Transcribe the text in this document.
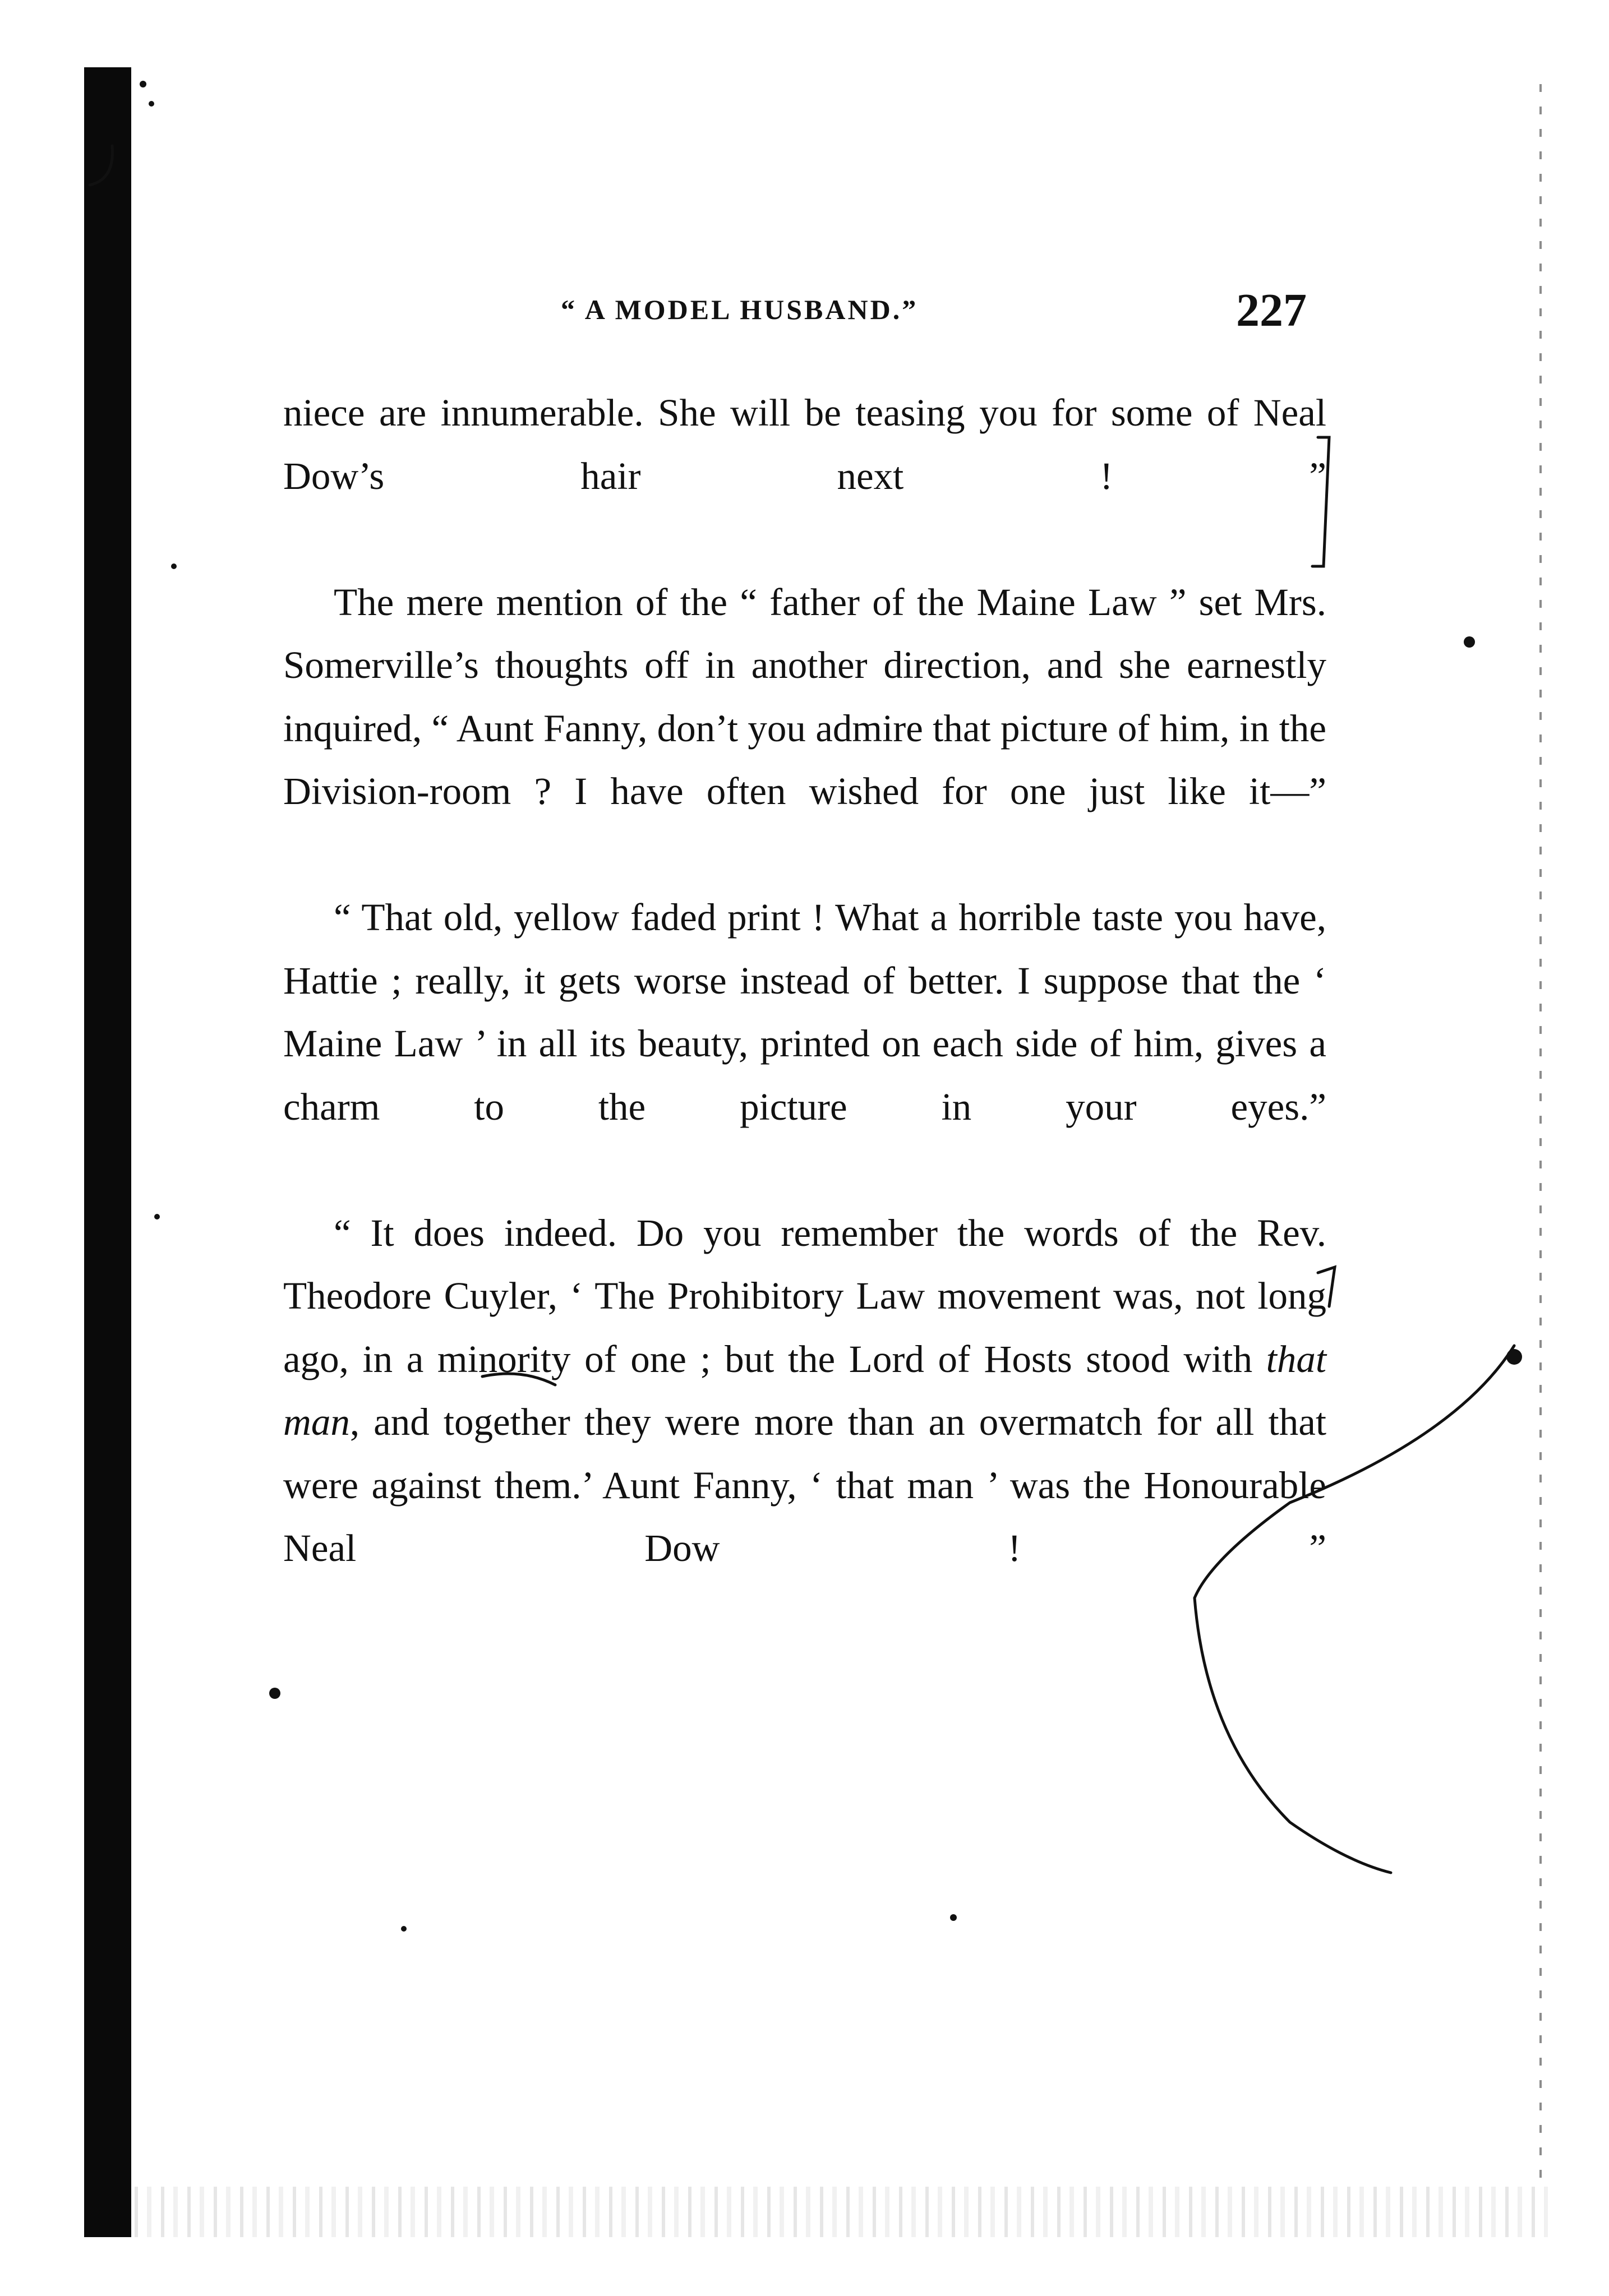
“ A MODEL HUSBAND.”	227

niece are innumerable. She will be teasing you for some of Neal Dow’s hair next ! ”

The mere mention of the “ father of the Maine Law ” set Mrs. Somerville’s thoughts off in another direction, and she earnestly inquired, “ Aunt Fanny, don’t you admire that picture of him, in the Division-room ? I have often wished for one just like it—”

“ That old, yellow faded print ! What a horrible taste you have, Hattie ; really, it gets worse instead of better. I suppose that the ‘ Maine Law ’ in all its beauty, printed on each side of him, gives a charm to the picture in your eyes.”

“ It does indeed. Do you remember the words of the Rev. Theodore Cuyler, ‘ The Prohibitory Law movement was, not long ago, in a minority of one ; but the Lord of Hosts stood with that man, and together they were more than an overmatch for all that were against them.’ Aunt Fanny, ‘ that man ’ was the Honourable Neal Dow ! ”
